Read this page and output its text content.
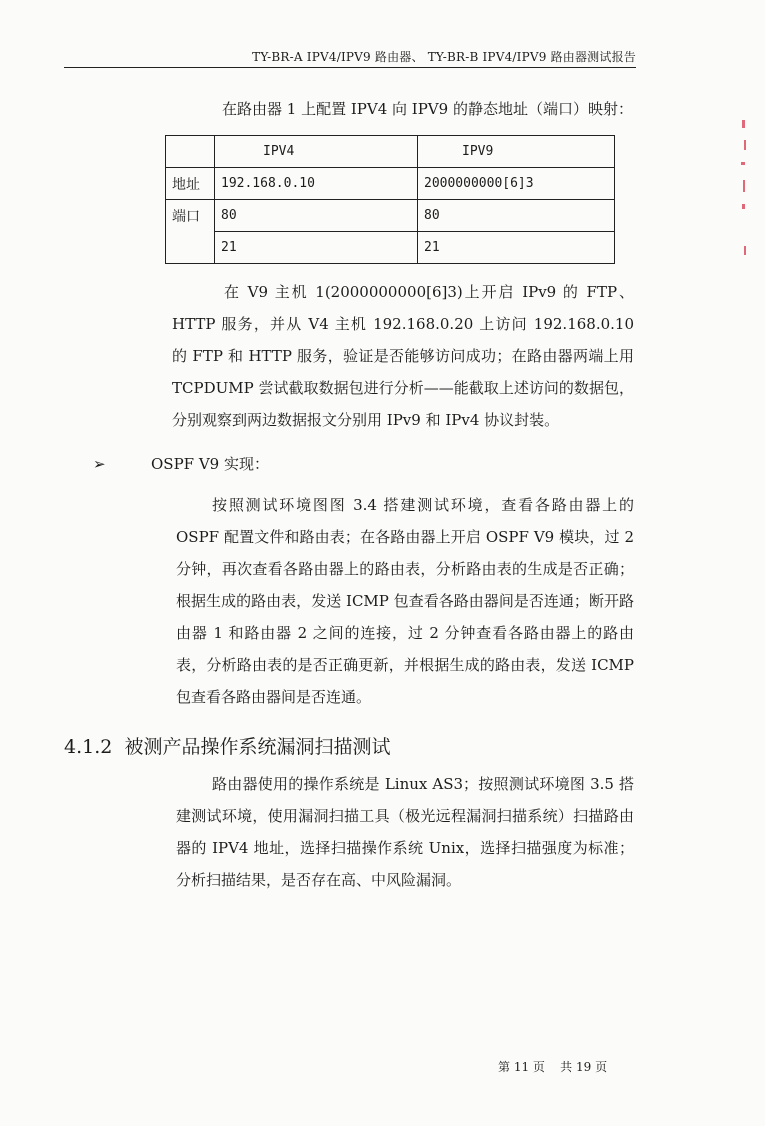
TY-BR-A IPV4/IPV9 路由器、 TY-BR-B IPV4/IPV9 路由器测试报告
在路由器 1 上配置 IPV4 向 IPV9 的静态地址（端口）映射：
	IPV4	IPV9
地址	192.168.0.10	2000000000[6]3
端口	80	80
	21	21
在 V9 主机 1(2000000000[6]3)上开启 IPv9 的 FTP、HTTP 服务，并从 V4 主机 192.168.0.20 上访问 192.168.0.10 的 FTP 和 HTTP 服务，验证是否能够访问成功；在路由器两端上用 TCPDUMP 尝试截取数据包进行分析——能截取上述访问的数据包，分别观察到两边数据报文分别用 IPv9 和 IPv4 协议封装。
➢	OSPF V9 实现：
按照测试环境图图 3.4 搭建测试环境，查看各路由器上的 OSPF 配置文件和路由表；在各路由器上开启 OSPF V9 模块，过 2 分钟，再次查看各路由器上的路由表，分析路由表的生成是否正确；根据生成的路由表，发送 ICMP 包查看各路由器间是否连通；断开路由器 1 和路由器 2 之间的连接，过 2 分钟查看各路由器上的路由表，分析路由表的是否正确更新，并根据生成的路由表，发送 ICMP 包查看各路由器间是否连通。
4.1.2 被测产品操作系统漏洞扫描测试
路由器使用的操作系统是 Linux AS3；按照测试环境图 3.5 搭建测试环境，使用漏洞扫描工具（极光远程漏洞扫描系统）扫描路由器的 IPV4 地址，选择扫描操作系统 Unix，选择扫描强度为标准；分析扫描结果，是否存在高、中风险漏洞。
第 11 页 共 19 页
